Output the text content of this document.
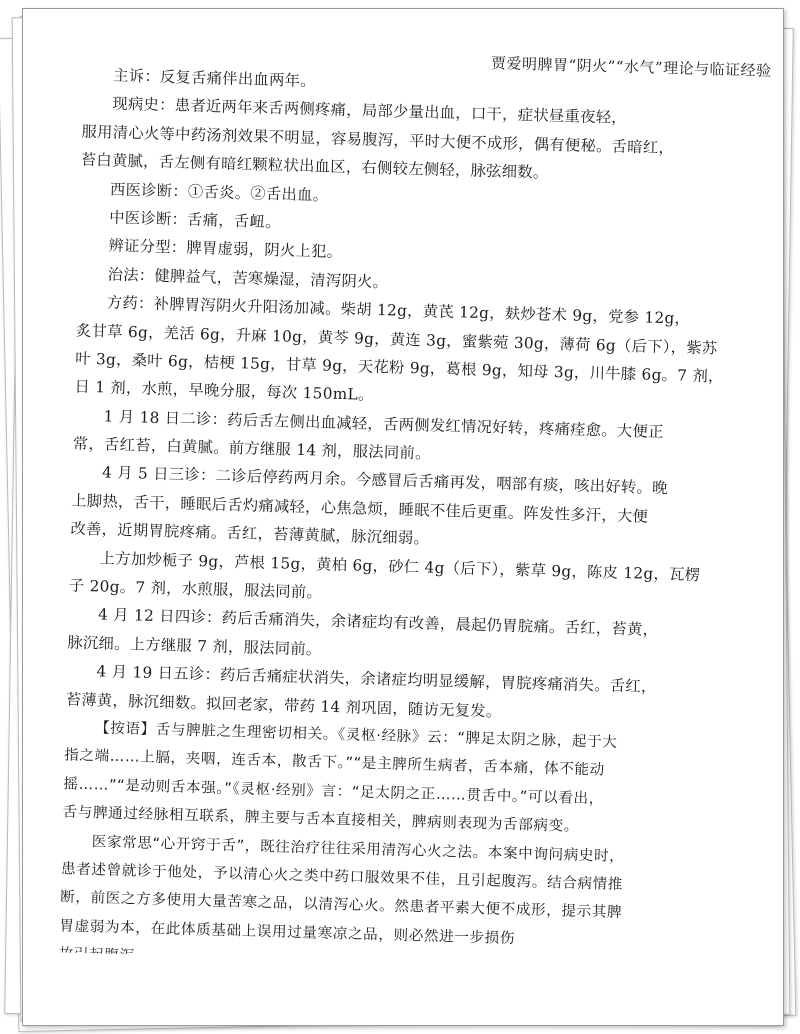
贾爱明脾胃“阴火”“水气”理论与临证经验
主诉：反复舌痛伴出血两年。
现病史：患者近两年来舌两侧疼痛，局部少量出血，口干，症状昼重夜轻，
服用清心火等中药汤剂效果不明显，容易腹泻，平时大便不成形，偶有便秘。舌暗红，
苔白黄腻，舌左侧有暗红颗粒状出血区，右侧较左侧轻，脉弦细数。
西医诊断：①舌炎。②舌出血。
中医诊断：舌痛，舌衄。
辨证分型：脾胃虚弱，阴火上犯。
治法：健脾益气，苦寒燥湿，清泻阴火。
方药：补脾胃泻阴火升阳汤加减。柴胡 12g，黄芪 12g，麸炒苍术 9g，党参 12g，
炙甘草 6g，羌活 6g，升麻 10g，黄芩 9g，黄连 3g，蜜紫菀 30g，薄荷 6g（后下），紫苏
叶 3g，桑叶 6g，桔梗 15g，甘草 9g，天花粉 9g，葛根 9g，知母 3g，川牛膝 6g。7 剂，
日 1 剂，水煎，早晚分服，每次 150mL。
1 月 18 日二诊：药后舌左侧出血减轻，舌两侧发红情况好转，疼痛痊愈。大便正
常，舌红苔，白黄腻。前方继服 14 剂，服法同前。
4 月 5 日三诊：二诊后停药两月余。今感冒后舌痛再发，咽部有痰，咳出好转。晚
上脚热，舌干，睡眠后舌灼痛减轻，心焦急烦，睡眠不佳后更重。阵发性多汗，大便
改善，近期胃脘疼痛。舌红，苔薄黄腻，脉沉细弱。
上方加炒栀子 9g，芦根 15g，黄柏 6g，砂仁 4g（后下），紫草 9g，陈皮 12g，瓦楞
子 20g。7 剂，水煎服，服法同前。
4 月 12 日四诊：药后舌痛消失，余诸症均有改善，晨起仍胃脘痛。舌红，苔黄，
脉沉细。上方继服 7 剂，服法同前。
4 月 19 日五诊：药后舌痛症状消失，余诸症均明显缓解，胃脘疼痛消失。舌红，
苔薄黄，脉沉细数。拟回老家，带药 14 剂巩固，随访无复发。
【按语】舌与脾脏之生理密切相关。《灵枢·经脉》云：“脾足太阴之脉，起于大
指之端……上膈，夹咽，连舌本，散舌下。”“是主脾所生病者，舌本痛，体不能动
摇……”“是动则舌本强。”《灵枢·经别》言：“足太阴之正……贯舌中。”可以看出，
舌与脾通过经脉相互联系，脾主要与舌本直接相关，脾病则表现为舌部病变。
医家常思“心开窍于舌”，既往治疗往往采用清泻心火之法。本案中询问病史时，
患者述曾就诊于他处，予以清心火之类中药口服效果不佳，且引起腹泻。结合病情推
断，前医之方多使用大量苦寒之品，以清泻心火。然患者平素大便不成形，提示其脾
胃虚弱为本，在此体质基础上误用过量寒凉之品，则必然进一步损伤
故引起腹泻
